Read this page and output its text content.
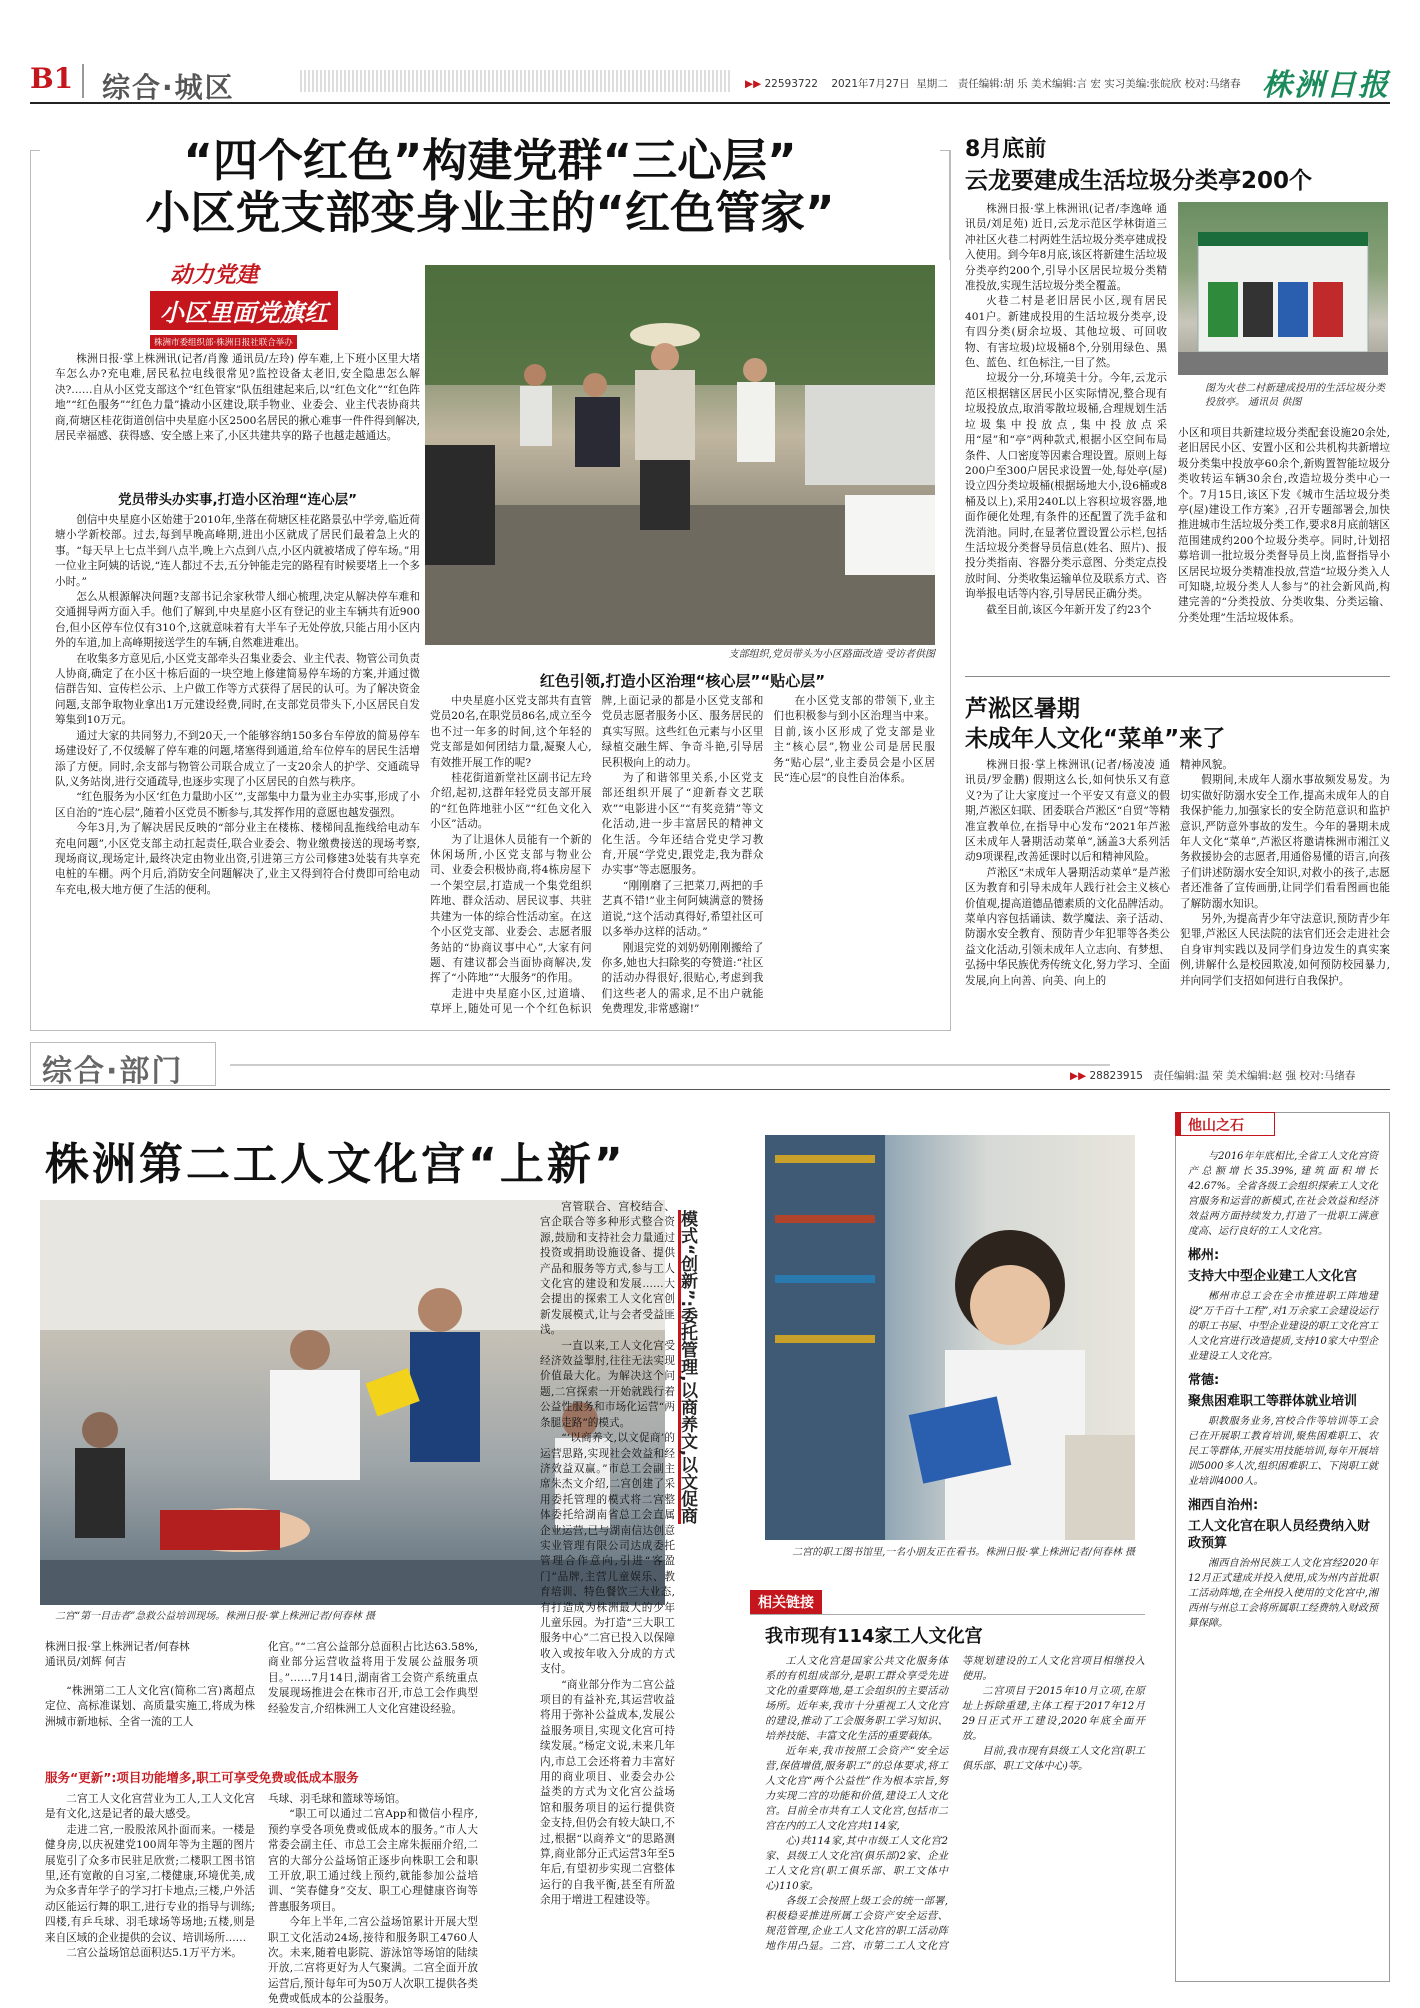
B1 综合·城区	▶▶ 22593722 2021年7月27日 星期二 责任编辑:胡 乐 美术编辑:言 宏 实习美编:张皖欣 校对:马绪春 株洲日报
“四个红色”构建党群“三心层”
小区党支部变身业主的“红色管家”
动力党建
小区里面党旗红 株洲市委组织部·株洲日报社联合举办

株洲日报·掌上株洲讯(记者/肖豫 通讯员/左玲) 停车难,上下班小区里大堵车怎么办?充电难,居民私拉电线很常见?监控设备太老旧,安全隐患怎么解决?……自从小区党支部这个“红色管家”队伍组建起来后,以“红色文化”“红色阵地”“红色服务”“红色力量”撬动小区建设,联手物业、业委会、业主代表协商共商,荷塘区桂花街道创信中央星庭小区2500名居民的揪心难事一件件得到解决,居民幸福感、获得感、安全感上来了,小区共建共享的路子也越走越通达。

支部组织,党员带头为小区路面改造 受访者供图
党员带头办实事,打造小区治理“连心层”

创信中央星庭小区始建于2010年,坐落在荷塘区桂花路景弘中学旁,临近荷塘小学新校部。过去,每到早晚高峰期,进出小区就成了居民们最着急上火的事。“每天早上七点半到八点半,晚上六点到八点,小区内就被堵成了停车场。”用一位业主阿姨的话说,“连人都过不去,五分钟能走完的路程有时候要堵上一个多小时。”

怎么从根源解决问题?支部书记余家秋带人细心梳理,决定从解决停车难和交通拥导两方面入手。他们了解到,中央星庭小区有登记的业主车辆共有近900台,但小区停车位仅有310个,这就意味着有大半车子无处停放,只能占用小区内外的车道,加上高峰期接送学生的车辆,自然难进难出。

在收集多方意见后,小区党支部牵头召集业委会、业主代表、物管公司负责人协商,确定了在小区十栋后面的一块空地上修建简易停车场的方案,并通过微信群告知、宣传栏公示、上户做工作等方式获得了居民的认可。为了解决资金问题,支部争取物业拿出1万元建设经费,同时,在支部党员带头下,小区居民自发筹集到10万元。

通过大家的共同努力,不到20天,一个能够容纳150多台车停放的简易停车场建设好了,不仅缓解了停车难的问题,堵塞得到通道,给车位停车的居民生活增添了方便。同时,余支部与物管公司联合成立了一支20余人的护学、交通疏导队,义务站岗,进行交通疏导,也逐步实现了小区居民的自然与秩序。

“红色服务为小区‘红色力量助小区’”,支部集中力量为业主办实事,形成了小区自治的“连心层”,随着小区党员不断参与,其发挥作用的意愿也越发强烈。

今年3月,为了解决居民反映的“部分业主在楼栋、楼梯间乱拖线给电动车充电问题”,小区党支部主动扛起责任,联合业委会、物业缴费接送的现场考察,现场商议,现场定计,最终决定由物业出资,引进第三方公司修建3处装有共享充电桩的车棚。两个月后,消防安全问题解决了,业主又得到符合付费即可给电动车充电,极大地方便了生活的便利。

红色引领,打造小区治理“核心层”“贴心层”

中央星庭小区党支部共有直管党员20名,在职党员86名,成立至今也不过一年多的时间,这个年轻的党支部是如何团结力量,凝聚人心,有效推开展工作的呢?

桂花街道新堂社区副书记左玲介绍,起初,这群年轻党员支部开展的“红色阵地驻小区”“红色文化入小区”活动。

为了让退休人员能有一个新的休闲场所,小区党支部与物业公司、业委会积极协商,将4栋房屋下一个架空层,打造成一个集党组织阵地、群众活动、居民议事、共驻共建为一体的综合性活动室。在这个小区党支部、业委会、志愿者服务站的“协商议事中心”,大家有问题、有建议都会当面协商解决,发挥了“小阵地”“大服务”的作用。

走进中央星庭小区,过道墙、草坪上,随处可见一个个红色标识牌,上面记录的都是小区党支部和党员志愿者服务小区、服务居民的真实写照。这些红色元素与小区里绿植交融生辉、争奇斗艳,引导居民积极向上的动力。

为了和谐邻里关系,小区党支部还组织开展了“迎新春文艺联欢”“电影进小区”“有奖竞猜”等文化活动,进一步丰富居民的精神文化生活。今年还结合党史学习教育,开展“学党史,跟党走,我为群众办实事”等志愿服务。

“刚刚磨了三把菜刀,两把的手艺真不错!”业主何阿姨满意的赞扬道说,“这个活动真得好,希望社区可以多举办这样的活动。”

刚退完党的刘奶奶刚刚搬给了你多,她也大扫除奖的夸赞道:“社区的活动办得很好,很贴心,考虑到我们这些老人的需求,足不出户就能免费理发,非常感谢!”

在小区党支部的带领下,业主们也积极参与到小区治理当中来。目前,该小区形成了党支部是业主“核心层”,物业公司是居民服务“贴心层”,业主委员会是小区居民“连心层”的良性自治体系。

8月底前
云龙要建成生活垃圾分类亭200个

株洲日报·掌上株洲讯(记者/李逸峰 通讯员/刘足苑) 近日,云龙示范区学林街道三冲社区火巷二村两姓生活垃圾分类亭建成投入使用。到今年8月底,该区将新建生活垃圾分类亭约200个,引导小区居民垃圾分类精准投放,实现生活垃圾分类全覆盖。

火巷二村是老旧居民小区,现有居民401户。新建成投用的生活垃圾分类亭,设有四分类(厨余垃圾、其他垃圾、可回收物、有害垃圾)垃圾桶8个,分别用绿色、黑色、蓝色、红色标注,一目了然。

垃圾分一分,环境美十分。今年,云龙示范区根据辖区居民小区实际情况,整合现有垃圾投放点,取消零散垃圾桶,合理规划生活垃圾集中投放点,集中投放点采用“屋”和“亭”两种款式,根据小区空间布局条件、人口密度等因素合理设置。原则上每200户至300户居民求设置一处,每处亭(屋)设立四分类垃圾桶(根据场地大小,设6桶或8桶及以上),采用240L以上容积垃圾容器,地面作硬化处理,有条件的还配置了洗手盆和洗消池。同时,在显著位置设置公示栏,包括生活垃圾分类督导员信息(姓名、照片)、报投分类指南、容器分类示意图、分类定点投放时间、分类收集运输单位及联系方式、咨询举报电话等内容,引导居民正确分类。

截至目前,该区今年新开发了约23个

图为火巷二村新建成投用的生活垃圾分类投放亭。 通讯员 供图

小区和项目共新建垃圾分类配套设施20余处,老旧居民小区、安置小区和公共机构共新增垃圾分类集中投放亭60余个,新购置智能垃圾分类收转运车辆30余台,改造垃圾分类中心一个。7月15日,该区下发《城市生活垃圾分类亭(屋)建设工作方案》,召开专题部署会,加快推进城市生活垃圾分类工作,要求8月底前辖区范围建成约200个垃圾分类亭。同时,计划招募培训一批垃圾分类督导员上岗,监督指导小区居民垃圾分类精准投放,营造“垃圾分类入人可知晓,垃圾分类人人参与”的社会新风尚,构建完善的“分类投放、分类收集、分类运输、分类处理”生活垃圾体系。

芦淞区暑期
未成年人文化“菜单”来了

株洲日报·掌上株洲讯(记者/杨凌凌 通讯员/罗金鹏) 假期这么长,如何快乐又有意义?为了让大家度过一个平安又有意义的假期,芦淞区妇联、团委联合芦淞区“自贸”等精准宣教单位,在指导中心发布“2021年芦淞区未成年人暑期活动菜单”,涵盖3大系列活动9项课程,改善延课时以后和精神风险。

芦淞区“未成年人暑期活动菜单”是芦淞区为教育和引导未成年人践行社会主义核心价值观,提高道德品德素质的文化品牌活动。菜单内容包括诵读、数学魔法、亲子活动、防溺水安全教育、预防青少年犯罪等各类公益文化活动,引领未成年人立志向、有梦想、弘扬中华民族优秀传统文化,努力学习、全面发展,向上向善、向美、向上的

精神风貌。

假期间,未成年人溺水事故频发易发。为切实做好防溺水安全工作,提高未成年人的自我保护能力,加强家长的安全防范意识和监护意识,严防意外事故的发生。今年的暑期未成年人文化“菜单”,芦淞区将邀请株洲市湘江义务救援协会的志愿者,用通俗易懂的语言,向孩子们讲述防溺水安全知识,对救小的孩子,志愿者还准备了宣传画册,让同学们看看图画也能了解防溺水知识。

另外,为提高青少年守法意识,预防青少年犯罪,芦淞区人民法院的法官们还会走进社会自身审判实践以及同学们身边发生的真实案例,讲解什么是校园欺凌,如何预防校园暴力,并向同学们支招如何进行自我保护。

综合·部门	▶▶ 28823915 责任编辑:温 荣 美术编辑:赵 强 校对:马绪春
株洲第二工人文化宫“上新”
二宫“第一目击者”急救公益培训现场。株洲日报·掌上株洲记者/何春林 摄
株洲日报·掌上株洲记者/何春林
通讯员/刘辉 何吉

“株洲第二工人文化宫(简称二宫)离超点定位、高标准谋划、高质量实施工,将成为株洲城市新地标、全省一流的工人

化宫。”“二宫公益部分总面积占比达63.58%,商业部分运营收益将用于发展公益服务项目。”……7月14日,湖南省工会资产系统重点发展现场推进会在株市召开,市总工会作典型经验发言,介绍株洲工人文化宫建设经验。

服务“更新”:项目功能增多,职工可享受免费或低成本服务

二宫工人文化宫营业为工人,工人文化宫是有文化,这是记者的最大感受。

走进二宫,一股股浓风扑面而来。一楼是健身房,以庆祝建党100周年等为主题的图片展览引了众多市民驻足欣赏;二楼职工图书馆里,还有宽敞的自习室,二楼健康,环境优美,成为众多青年学子的学习打卡地点;三楼,户外活动区能运行舞的职工,进行专业的指导与训练;四楼,有乒乓球、羽毛球场等场地;五楼,则是来自区域的企业提供的会议、培训场所……

二宫公益场馆总面积达5.1万平方米。

乓球、羽毛球和篮球等场馆。

“职工可以通过二宫App和微信小程序,预约享受各项免费或低成本的服务。”市人大常委会副主任、市总工会主席朱振丽介绍,二宫的大部分公益场馆正逐步向株职工会和职工开放,职工通过线上预约,就能参加公益培训、“笑春健身”交友、职工心理健康咨询等普惠服务项目。

今年上半年,二宫公益场馆累计开展大型职工文化活动24场,接待和服务职工4760人次。未来,随着电影院、游泳馆等场馆的陆续开放,二宫将更好为人气聚满。二宫全面开放运营后,预计每年可为50万人次职工提供各类免费或低成本的公益服务。

模式“创新”:委托管理,以商养文,以文促商

宫管联合、宫校结合、宫企联合等多种形式整合资源,鼓励和支持社会力量通过投资或捐助设施设备、提供产品和服务等方式,参与工人文化宫的建设和发展……大会提出的探索工人文化宫创新发展模式,让与会者受益匪浅。

一直以来,工人文化宫受经济效益掣肘,往往无法实现价值最大化。为解决这个问题,二宫探索一开始就践行着公益性服务和市场化运营“两条腿走路”的模式。

“‘以商养文,以文促商’的运营思路,实现社会效益和经济效益双赢。”市总工会副主席朱杰文介绍,二宫创建了采用委托管理的模式将二宫整体委托给湖南省总工会直属企业运营,已与湖南信达创意实业管理有限公司达成委托管理合作意向,引进“客盈门”品牌,主营儿童娱乐、教育培训、特色餐饮三大业态,有打造成为株洲最大的少年儿童乐园。为打造“三大职工服务中心”二宫已投入以保障收入或按年收入分成的方式支付。

“商业部分作为二宫公益项目的有益补充,其运营收益将用于弥补公益成本,发展公益服务项目,实现文化宫可持续发展。”杨定文说,未来几年内,市总工会还将着力丰富好用的商业项目、业委会办公益类的方式为文化宫公益场馆和服务项目的运行提供资金支持,但仍会有较大缺口,不过,根据“以商养文”的思路测算,商业部分正式运营3年至5年后,有望初步实现二宫整体运行的自我平衡,甚至有所盈余用于增进工程建设等。

二宫的职工图书馆里,一名小朋友正在看书。株洲日报·掌上株洲记者/何春林 摄
相关链接
我市现有114家工人文化宫

工人文化宫是国家公共文化服务体系的有机组成部分,是职工群众享受先进文化的重要阵地,是工会组织的主要活动场所。近年来,我市十分重视工人文化宫的建设,推动了工会服务职工学习知识、培养技能、丰富文化生活的重要载体。

近年来,我市按照工会资产“安全运营,保值增值,服务职工”的总体要求,将工人文化宫“两个公益性”作为根本宗旨,努力实现二宫的功能和价值,建设工人文化宫。目前全市共有工人文化宫,包括市二宫在内的工人文化宫共114家,

心)共114家,其中市级工人文化宫2家、县级工人文化宫(俱乐部)2家、企业工人文化宫(职工俱乐部、职工文体中心)110家。

各级工会按照上级工会的统一部署,积极稳妥推进所属工会资产安全运营、规范管理,企业工人文化宫的职工活动阵地作用凸显。二宫、市第二工人文化宫等规划建设的工人文化宫项目相继投入使用。

二宫项目于2015年10月立项,在原址上拆除重建,主体工程于2017年12月29日正式开工建设,2020年底全面开放。

目前,我市现有县级工人文化宫(职工俱乐部、职工文体中心)等。

他山之石

与2016年年底相比,全省工人文化宫资产总额增长35.39%,建筑面积增长42.67%。全省各级工会组织探索工人文化宫服务和运营的新模式,在社会效益和经济效益两方面持续发力,打造了一批职工满意度高、运行良好的工人文化宫。

郴州:
支持大中型企业建工人文化宫

郴州市总工会在全市推进职工阵地建设“万千百十工程”,对1万余家工会建设运行的职工书屋、中型企业建设的职工文化宫工人文化宫进行改造提质,支持10家大中型企业建设工人文化宫。

常德:
聚焦困难职工等群体就业培训

职教服务业务,宫校合作等培训等工会已在开展职工教育培训,聚焦困难职工、农民工等群体,开展实用技能培训,每年开展培训5000多人次,组织困难职工、下岗职工就业培训4000人。

湘西自治州:
工人文化宫在职人员经费纳入财政预算

湘西自治州民族工人文化宫经2020年12月正式建成并投入使用,成为州内首批职工活动阵地,在全州投入使用的文化宫中,湘西州与州总工会将所属职工经费纳入财政预算保障。
